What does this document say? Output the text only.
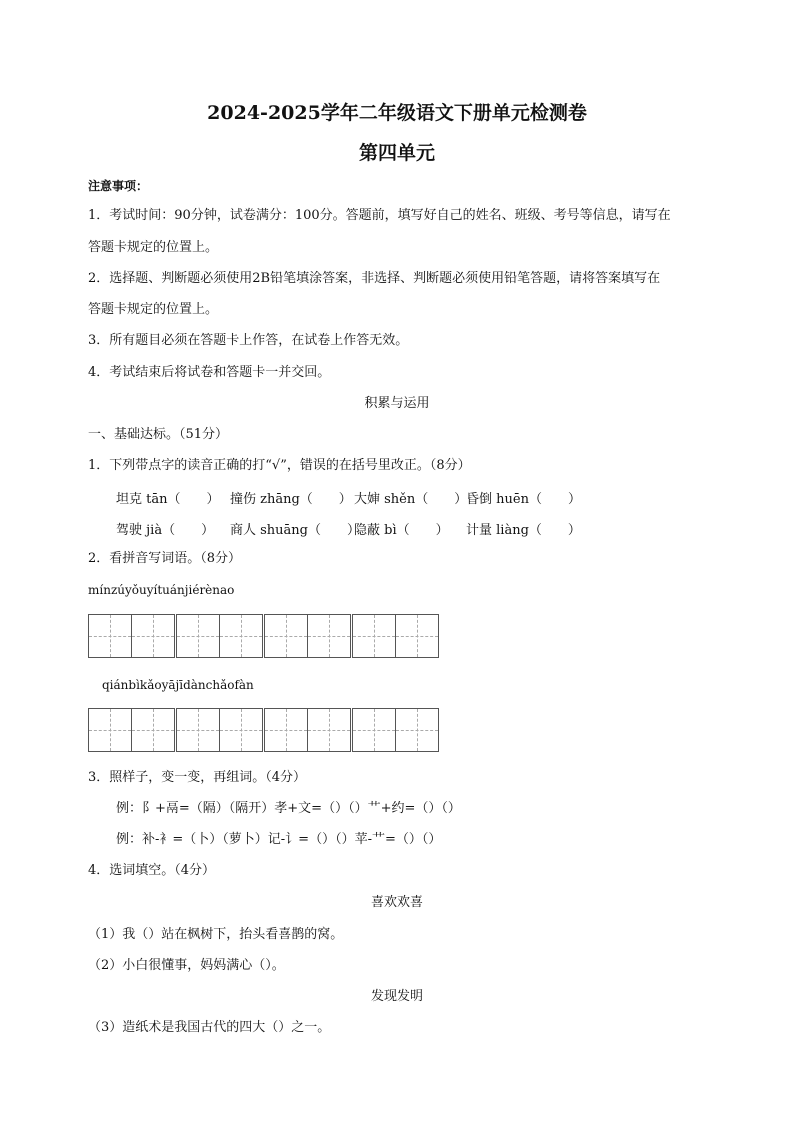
2024-2025学年二年级语文下册单元检测卷
第四单元
注意事项：
1．考试时间：90分钟，试卷满分：100分。答题前，填写好自己的姓名、班级、考号等信息，请写在
答题卡规定的位置上。
2．选择题、判断题必须使用2B铅笔填涂答案，非选择、判断题必须使用铅笔答题，请将答案填写在
答题卡规定的位置上。
3．所有题目必须在答题卡上作答，在试卷上作答无效。
4．考试结束后将试卷和答题卡一并交回。
积累与运用
一、基础达标。（51分）
1．下列带点字的读音正确的打“√”，错误的在括号里改正。（8分）
坦克 tān（　　） 撞伤 zhāng（　　） 大婶 shěn（　　）昏倒 huēn（　　）
驾驶 jià（　　） 商人 shuāng（　　）隐蔽 bì（　　） 计量 liàng（　　）
2．看拼音写词语。（8分）
mínzúyǒuyítuánjiérènao
qiánbìkǎoyājīdànchǎofàn
3．照样子，变一变，再组词。（4分）
例：阝+鬲=（隔）（隔开）孝+文=（）（）⺾+约=（）（）
例：补-衤=（卜）（萝卜）记-讠=（）（）苹-⺾=（）（）
4．选词填空。（4分）
喜欢欢喜
（1）我（）站在枫树下，抬头看喜鹊的窝。
（2）小白很懂事，妈妈满心（）。
发现发明
（3）造纸术是我国古代的四大（）之一。
